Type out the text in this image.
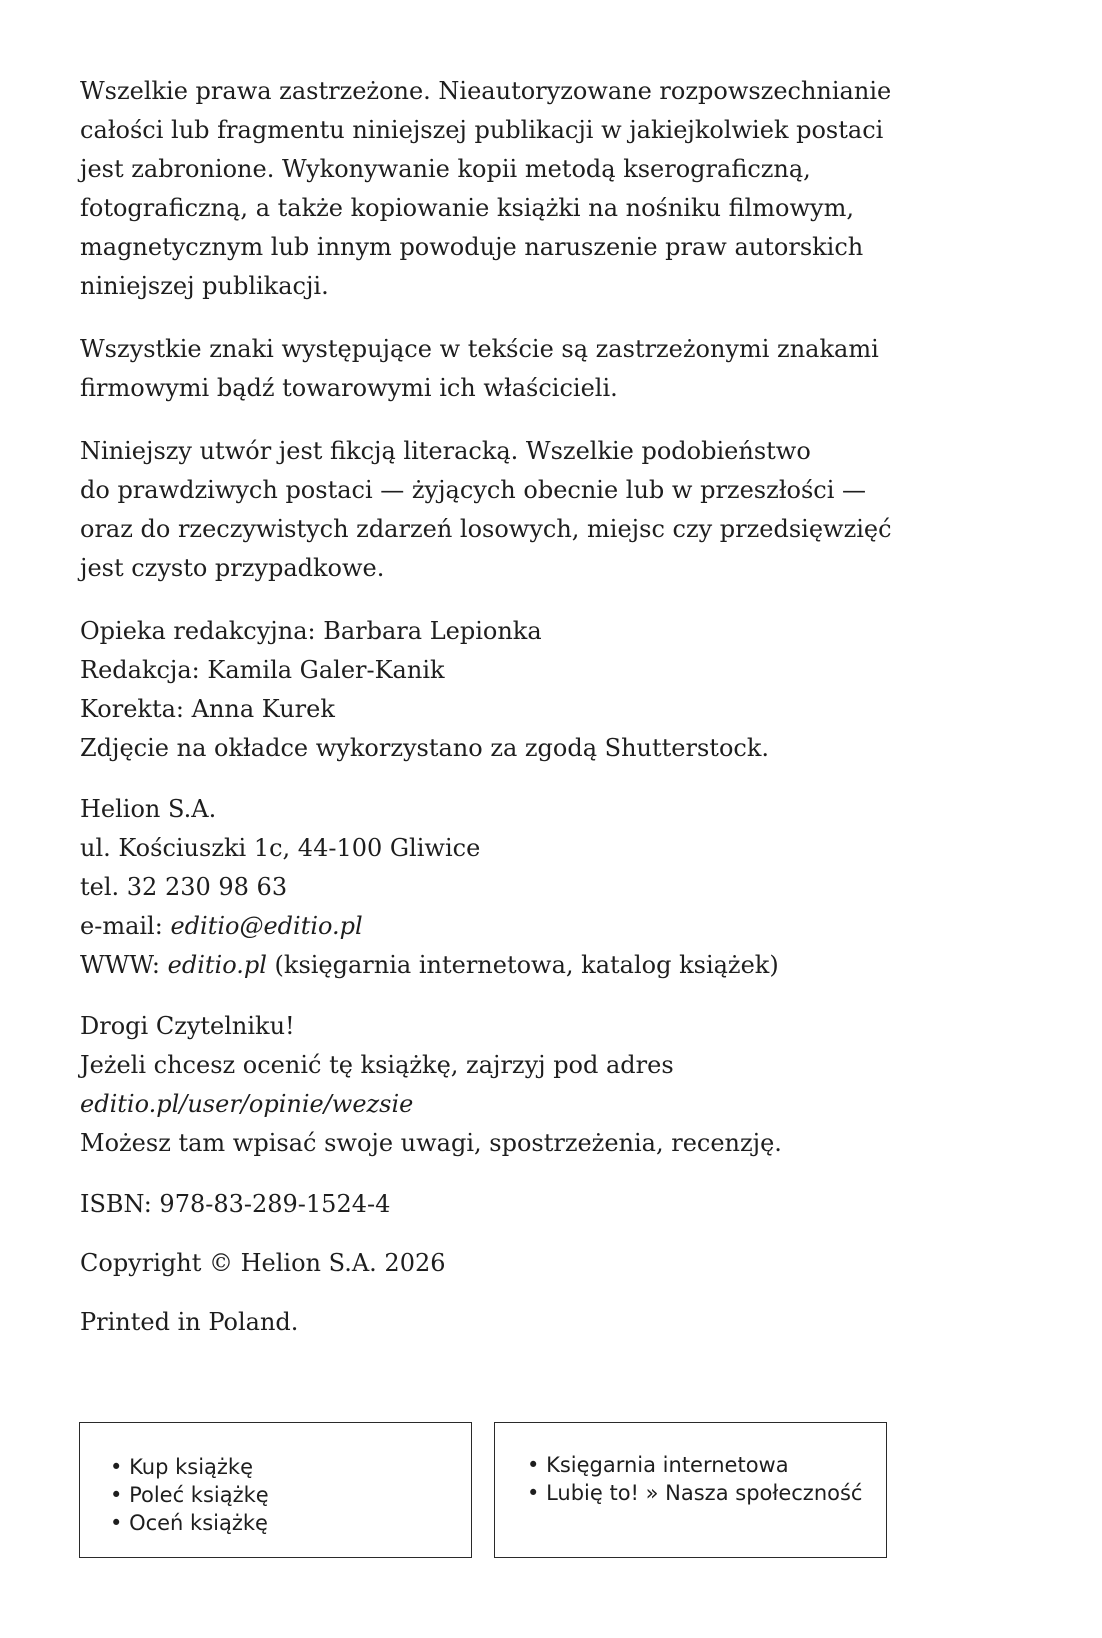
Wszelkie prawa zastrzeżone. Nieautoryzowane rozpowszechnianie
całości lub fragmentu niniejszej publikacji w jakiejkolwiek postaci
jest zabronione. Wykonywanie kopii metodą kserograficzną,
fotograficzną, a także kopiowanie książki na nośniku filmowym,
magnetycznym lub innym powoduje naruszenie praw autorskich
niniejszej publikacji.

Wszystkie znaki występujące w tekście są zastrzeżonymi znakami
firmowymi bądź towarowymi ich właścicieli.

Niniejszy utwór jest fikcją literacką. Wszelkie podobieństwo
do prawdziwych postaci — żyjących obecnie lub w przeszłości —
oraz do rzeczywistych zdarzeń losowych, miejsc czy przedsięwzięć
jest czysto przypadkowe.

Opieka redakcyjna: Barbara Lepionka
Redakcja: Kamila Galer-Kanik
Korekta: Anna Kurek
Zdjęcie na okładce wykorzystano za zgodą Shutterstock.

Helion S.A.
ul. Kościuszki 1c, 44-100 Gliwice
tel. 32 230 98 63
e-mail: editio@editio.pl
WWW: editio.pl (księgarnia internetowa, katalog książek)

Drogi Czytelniku!
Jeżeli chcesz ocenić tę książkę, zajrzyj pod adres
editio.pl/user/opinie/wezsie
Możesz tam wpisać swoje uwagi, spostrzeżenia, recenzję.

ISBN: 978-83-289-1524-4

Copyright © Helion S.A. 2026

Printed in Poland.

• Kup książkę
• Poleć książkę
• Oceń książkę
• Księgarnia internetowa
• Lubię to! » Nasza społeczność
